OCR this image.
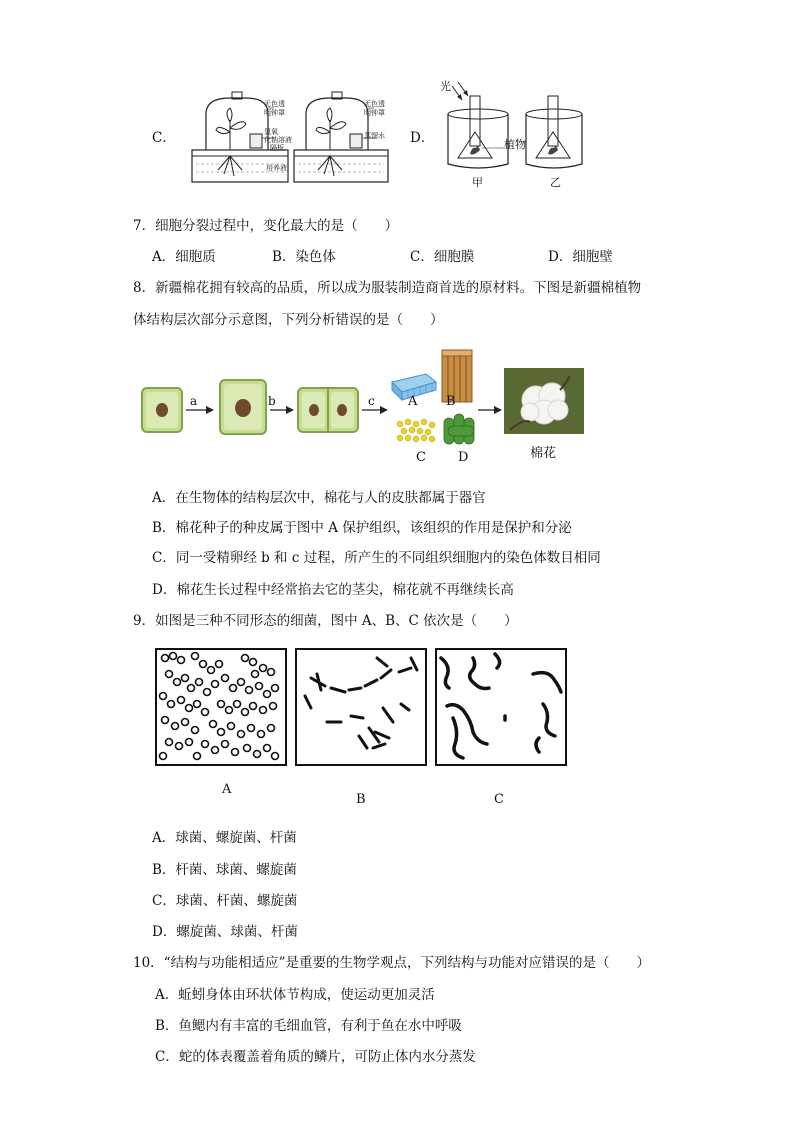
C．
无色透
明钟罩
氢氧
化钠溶液
隔板
培养液
无色透
明钟罩
蒸馏水 D．
光
植物
甲	乙
7．细胞分裂过程中，变化最大的是（　　）
A．细胞质	B．染色体	C．细胞膜	D．细胞壁
8．新疆棉花拥有较高的品质，所以成为服装制造商首选的原材料。下图是新疆棉植物
体结构层次部分示意图，下列分析错误的是（　　）
a	b	c	A B
C D	棉花
A．在生物体的结构层次中，棉花与人的皮肤都属于器官
B．棉花种子的种皮属于图中 A 保护组织，该组织的作用是保护和分泌
C．同一受精卵经 b 和 c 过程，所产生的不同组织细胞内的染色体数目相同
D．棉花生长过程中经常掐去它的茎尖，棉花就不再继续长高
9．如图是三种不同形态的细菌，图中 A、B、C 依次是（　　）
A
B	C
A．球菌、螺旋菌、杆菌
B．杆菌、球菌、螺旋菌
C．球菌、杆菌、螺旋菌
D．螺旋菌、球菌、杆菌
10．“结构与功能相适应”是重要的生物学观点，下列结构与功能对应错误的是（　　）
A．蚯蚓身体由环状体节构成，使运动更加灵活
B．鱼鳃内有丰富的毛细血管，有利于鱼在水中呼吸
C．蛇的体表覆盖着角质的鳞片，可防止体内水分蒸发
